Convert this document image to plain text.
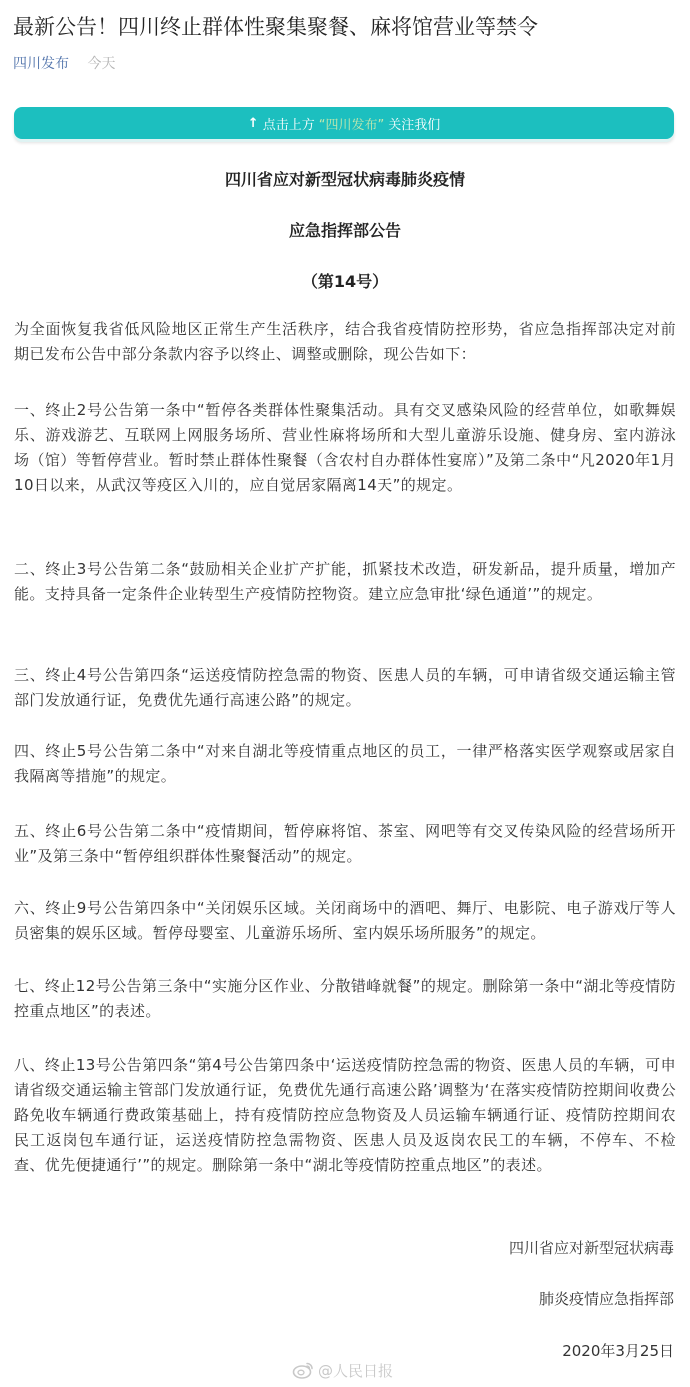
最新公告！四川终止群体性聚集聚餐、麻将馆营业等禁令
四川发布 今天
↑ 点击上方 “四川发布” 关注我们
四川省应对新型冠状病毒肺炎疫情
应急指挥部公告
（第14号）

为全面恢复我省低风险地区正常生产生活秩序，结合我省疫情防控形势，省应急指挥部决定对前期已发布公告中部分条款内容予以终止、调整或删除，现公告如下：

一、终止2号公告第一条中“暂停各类群体性聚集活动。具有交叉感染风险的经营单位，如歌舞娱乐、游戏游艺、互联网上网服务场所、营业性麻将场所和大型儿童游乐设施、健身房、室内游泳场（馆）等暂停营业。暂时禁止群体性聚餐（含农村自办群体性宴席）”及第二条中“凡2020年1月10日以来，从武汉等疫区入川的，应自觉居家隔离14天”的规定。

二、终止3号公告第二条“鼓励相关企业扩产扩能，抓紧技术改造，研发新品，提升质量，增加产能。支持具备一定条件企业转型生产疫情防控物资。建立应急审批‘绿色通道’”的规定。

三、终止4号公告第四条“运送疫情防控急需的物资、医患人员的车辆，可申请省级交通运输主管部门发放通行证，免费优先通行高速公路”的规定。

四、终止5号公告第二条中“对来自湖北等疫情重点地区的员工，一律严格落实医学观察或居家自我隔离等措施”的规定。

五、终止6号公告第二条中“疫情期间，暂停麻将馆、茶室、网吧等有交叉传染风险的经营场所开业”及第三条中“暂停组织群体性聚餐活动”的规定。

六、终止9号公告第四条中“关闭娱乐区域。关闭商场中的酒吧、舞厅、电影院、电子游戏厅等人员密集的娱乐区域。暂停母婴室、儿童游乐场所、室内娱乐场所服务”的规定。

七、终止12号公告第三条中“实施分区作业、分散错峰就餐”的规定。删除第一条中“湖北等疫情防控重点地区”的表述。

八、终止13号公告第四条“第4号公告第四条中‘运送疫情防控急需的物资、医患人员的车辆，可申请省级交通运输主管部门发放通行证，免费优先通行高速公路’调整为‘在落实疫情防控期间收费公路免收车辆通行费政策基础上，持有疫情防控应急物资及人员运输车辆通行证、疫情防控期间农民工返岗包车通行证，运送疫情防控急需物资、医患人员及返岗农民工的车辆，不停车、不检查、优先便捷通行’”的规定。删除第一条中“湖北等疫情防控重点地区”的表述。

四川省应对新型冠状病毒
肺炎疫情应急指挥部
2020年3月25日
@人民日报
